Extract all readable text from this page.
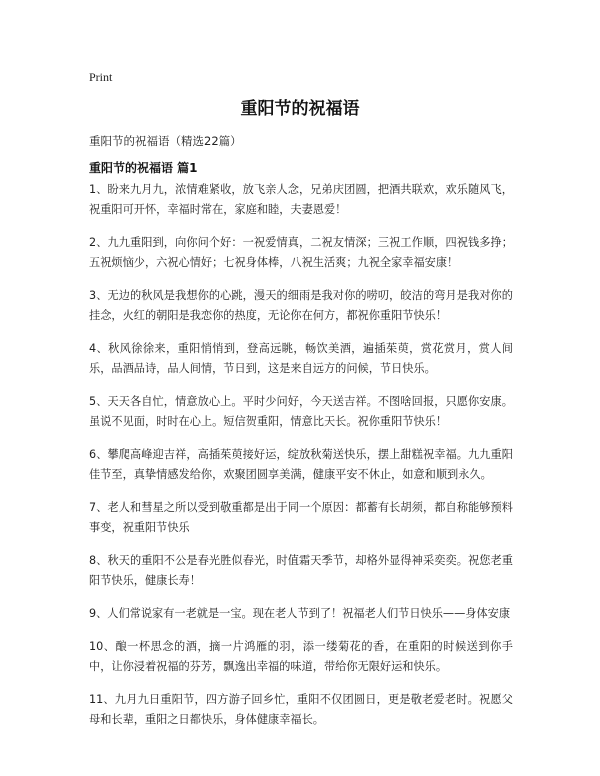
Print
重阳节的祝福语
重阳节的祝福语（精选22篇）
重阳节的祝福语 篇1
1、盼来九月九，浓情难紧收，放飞亲人念，兄弟庆团圆，把酒共联欢，欢乐随风飞，祝重阳可开怀，幸福时常在，家庭和睦，夫妻恩爱！
2、九九重阳到，向你问个好：一祝爱情真，二祝友情深；三祝工作顺，四祝钱多挣；五祝烦恼少，六祝心情好；七祝身体棒，八祝生活爽；九祝全家幸福安康！
3、无边的秋风是我想你的心跳，漫天的细雨是我对你的唠叨，皎洁的弯月是我对你的挂念，火红的朝阳是我恋你的热度，无论你在何方，都祝你重阳节快乐！
4、秋风徐徐来，重阳悄悄到，登高远眺，畅饮美酒，遍插茱萸，赏花赏月，赏人间乐，品酒品诗，品人间情，节日到，这是来自远方的问候，节日快乐。
5、天天各自忙，情意放心上。平时少问好，今天送吉祥。不图啥回报，只愿你安康。虽说不见面，时时在心上。短信贺重阳，情意比天长。祝你重阳节快乐！
6、攀爬高峰迎吉祥，高插茱萸接好运，绽放秋菊送快乐，摆上甜糕祝幸福。九九重阳佳节至，真挚情感发给你，欢聚团圆享美满，健康平安不休止，如意和顺到永久。
7、老人和彗星之所以受到敬重都是出于同一个原因：都蓄有长胡须，都自称能够预料事变，祝重阳节快乐
8、秋天的重阳不公是春光胜似春光，时值霜天季节，却格外显得神采奕奕。祝您老重阳节快乐，健康长寿！
9、人们常说家有一老就是一宝。现在老人节到了！祝福老人们节日快乐——身体安康
10、酿一杯思念的酒，摘一片鸿雁的羽，添一缕菊花的香，在重阳的时候送到你手中，让你浸着祝福的芬芳，飘逸出幸福的味道，带给你无限好运和快乐。
11、九月九日重阳节，四方游子回乡忙，重阳不仅团圆日，更是敬老爱老时。祝愿父母和长辈，重阳之日都快乐，身体健康幸福长。
